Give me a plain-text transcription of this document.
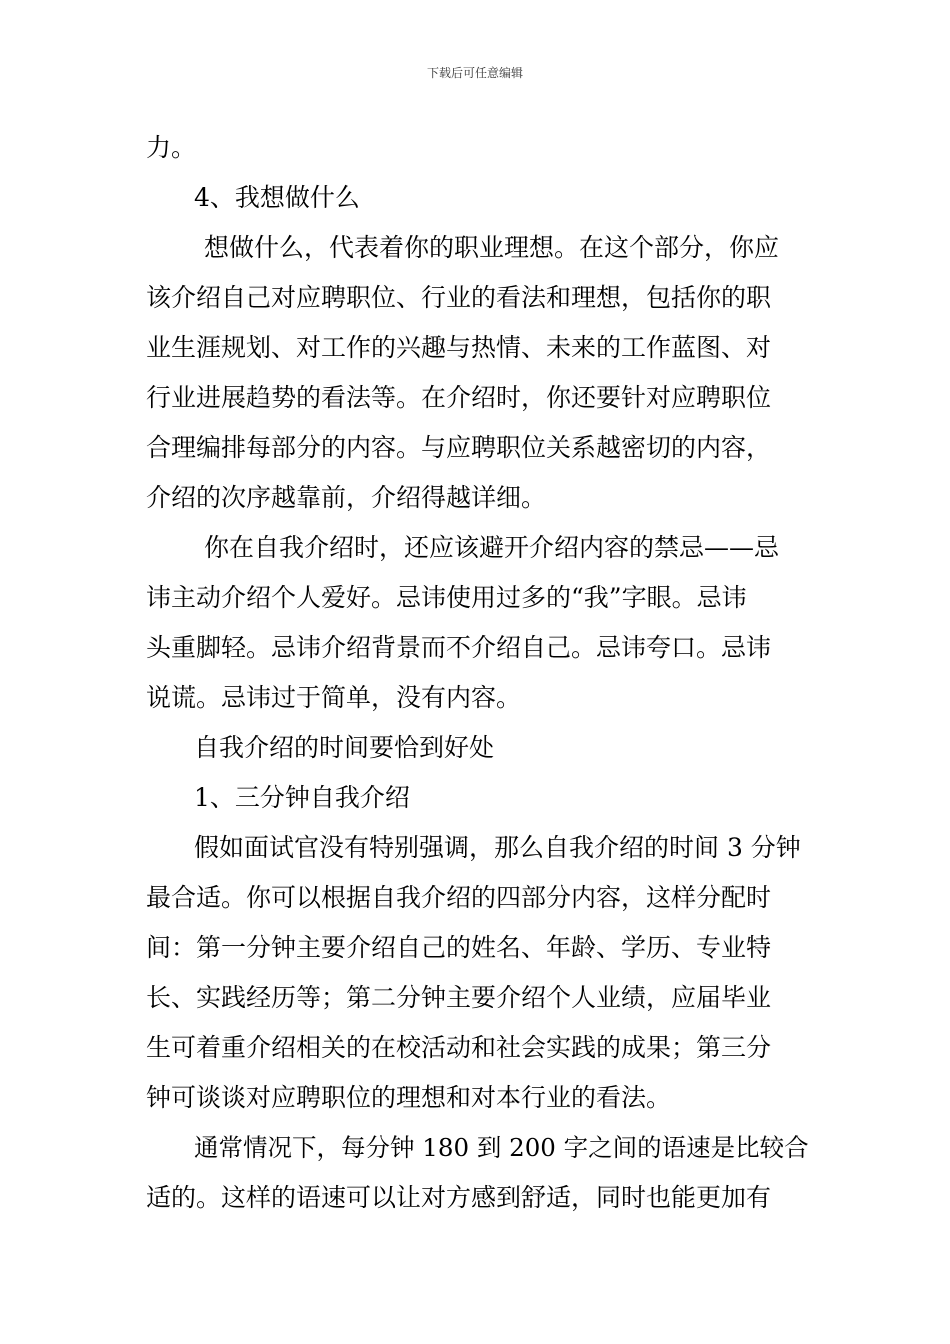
下载后可任意编辑
力。
4、我想做什么
想做什么，代表着你的职业理想。在这个部分，你应
该介绍自己对应聘职位、行业的看法和理想，包括你的职
业生涯规划、对工作的兴趣与热情、未来的工作蓝图、对
行业进展趋势的看法等。在介绍时，你还要针对应聘职位
合理编排每部分的内容。与应聘职位关系越密切的内容，
介绍的次序越靠前，介绍得越详细。
你在自我介绍时，还应该避开介绍内容的禁忌——忌
讳主动介绍个人爱好。忌讳使用过多的“我”字眼。忌讳
头重脚轻。忌讳介绍背景而不介绍自己。忌讳夸口。忌讳
说谎。忌讳过于简单，没有内容。
自我介绍的时间要恰到好处
1、三分钟自我介绍
假如面试官没有特别强调，那么自我介绍的时间 3 分钟
最合适。你可以根据自我介绍的四部分内容，这样分配时
间：第一分钟主要介绍自己的姓名、年龄、学历、专业特
长、实践经历等；第二分钟主要介绍个人业绩，应届毕业
生可着重介绍相关的在校活动和社会实践的成果；第三分
钟可谈谈对应聘职位的理想和对本行业的看法。
通常情况下，每分钟 180 到 200 字之间的语速是比较合
适的。这样的语速可以让对方感到舒适，同时也能更加有
